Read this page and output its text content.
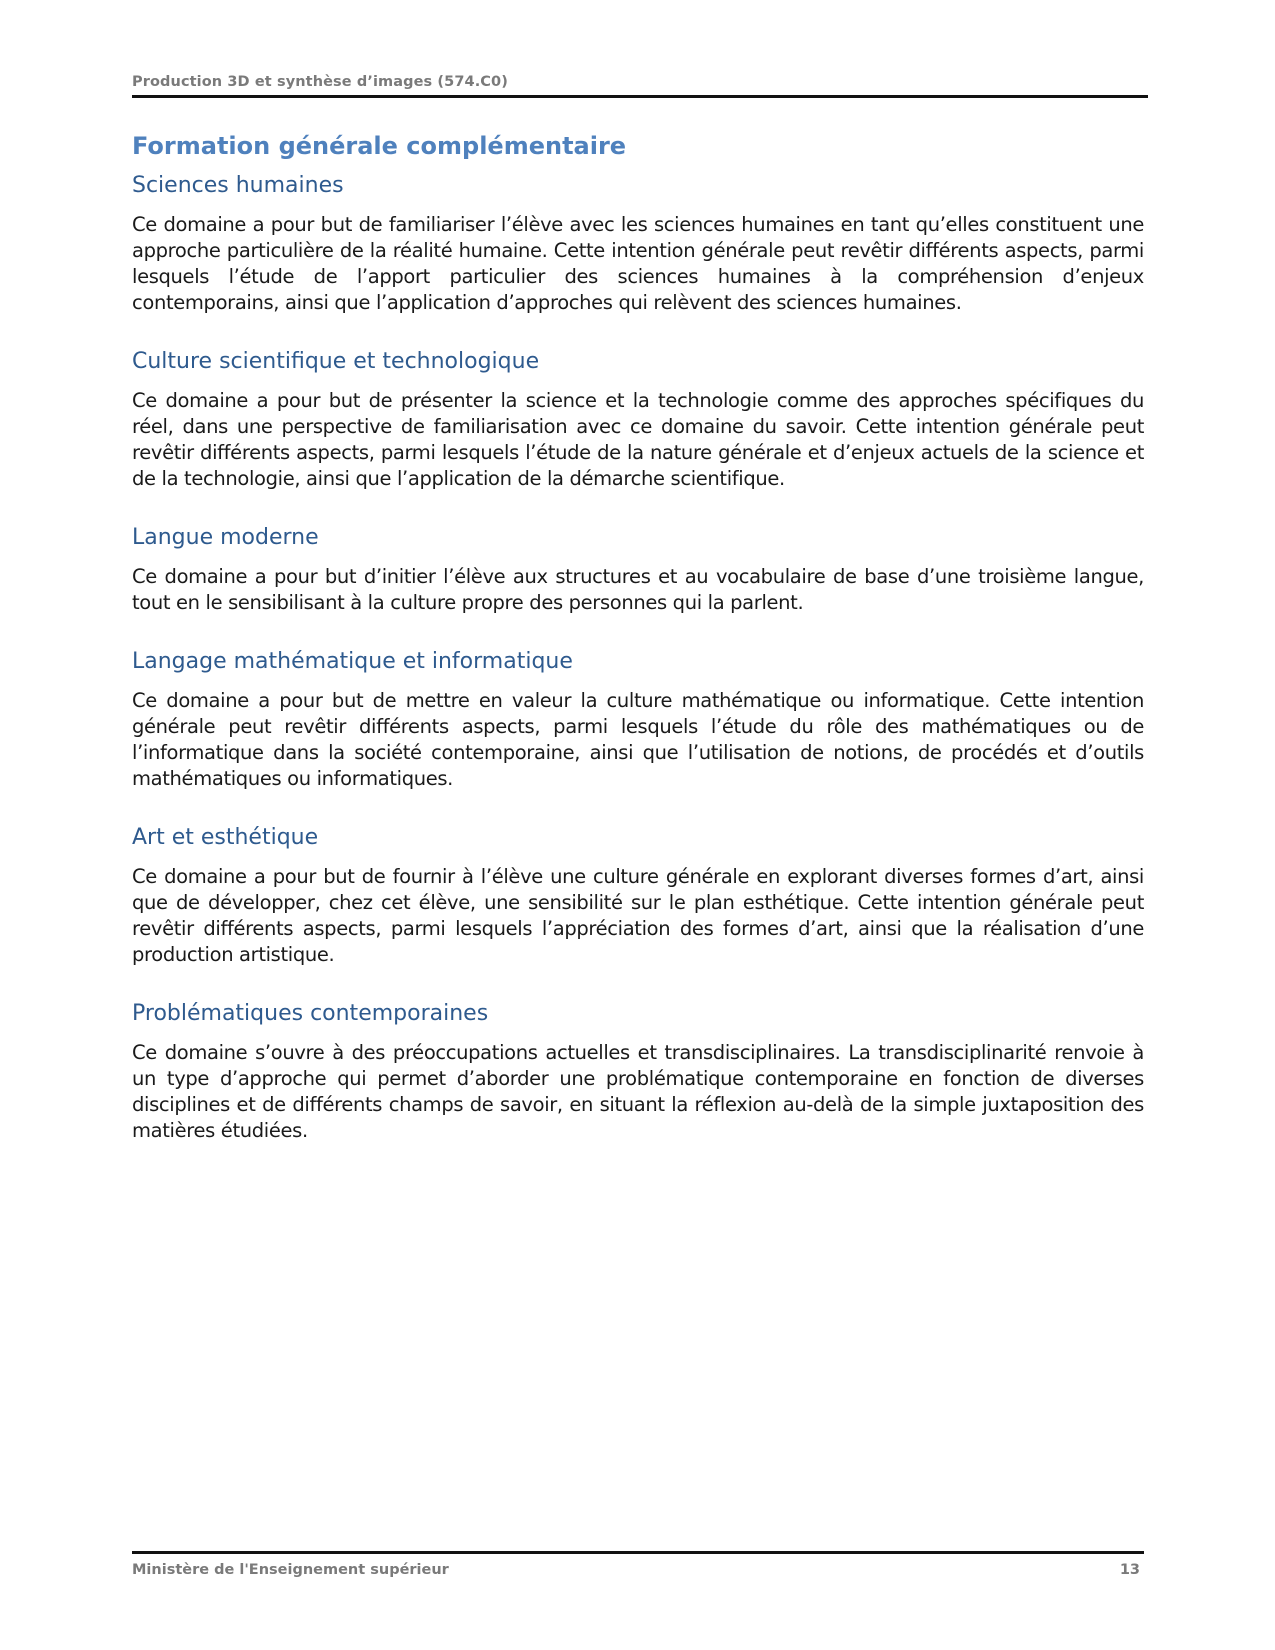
Production 3D et synthèse d’images (574.C0)
Formation générale complémentaire
Sciences humaines

Ce domaine a pour but de familiariser l’élève avec les sciences humaines en tant qu’elles constituent une approche particulière de la réalité humaine. Cette intention générale peut revêtir différents aspects, parmi lesquels l’étude de l’apport particulier des sciences humaines à la compréhension d’enjeux contemporains, ainsi que l’application d’approches qui relèvent des sciences humaines.

Culture scientifique et technologique

Ce domaine a pour but de présenter la science et la technologie comme des approches spécifiques du réel, dans une perspective de familiarisation avec ce domaine du savoir. Cette intention générale peut revêtir différents aspects, parmi lesquels l’étude de la nature générale et d’enjeux actuels de la science et de la technologie, ainsi que l’application de la démarche scientifique.

Langue moderne

Ce domaine a pour but d’initier l’élève aux structures et au vocabulaire de base d’une troisième langue, tout en le sensibilisant à la culture propre des personnes qui la parlent.

Langage mathématique et informatique

Ce domaine a pour but de mettre en valeur la culture mathématique ou informatique. Cette intention générale peut revêtir différents aspects, parmi lesquels l’étude du rôle des mathématiques ou de l’informatique dans la société contemporaine, ainsi que l’utilisation de notions, de procédés et d’outils mathématiques ou informatiques.

Art et esthétique

Ce domaine a pour but de fournir à l’élève une culture générale en explorant diverses formes d’art, ainsi que de développer, chez cet élève, une sensibilité sur le plan esthétique. Cette intention générale peut revêtir différents aspects, parmi lesquels l’appréciation des formes d’art, ainsi que la réalisation d’une production artistique.

Problématiques contemporaines

Ce domaine s’ouvre à des préoccupations actuelles et transdisciplinaires. La transdisciplinarité renvoie à un type d’approche qui permet d’aborder une problématique contemporaine en fonction de diverses disciplines et de différents champs de savoir, en situant la réflexion au-delà de la simple juxtaposition des matières étudiées.

Ministère de l'Enseignement supérieur	13
